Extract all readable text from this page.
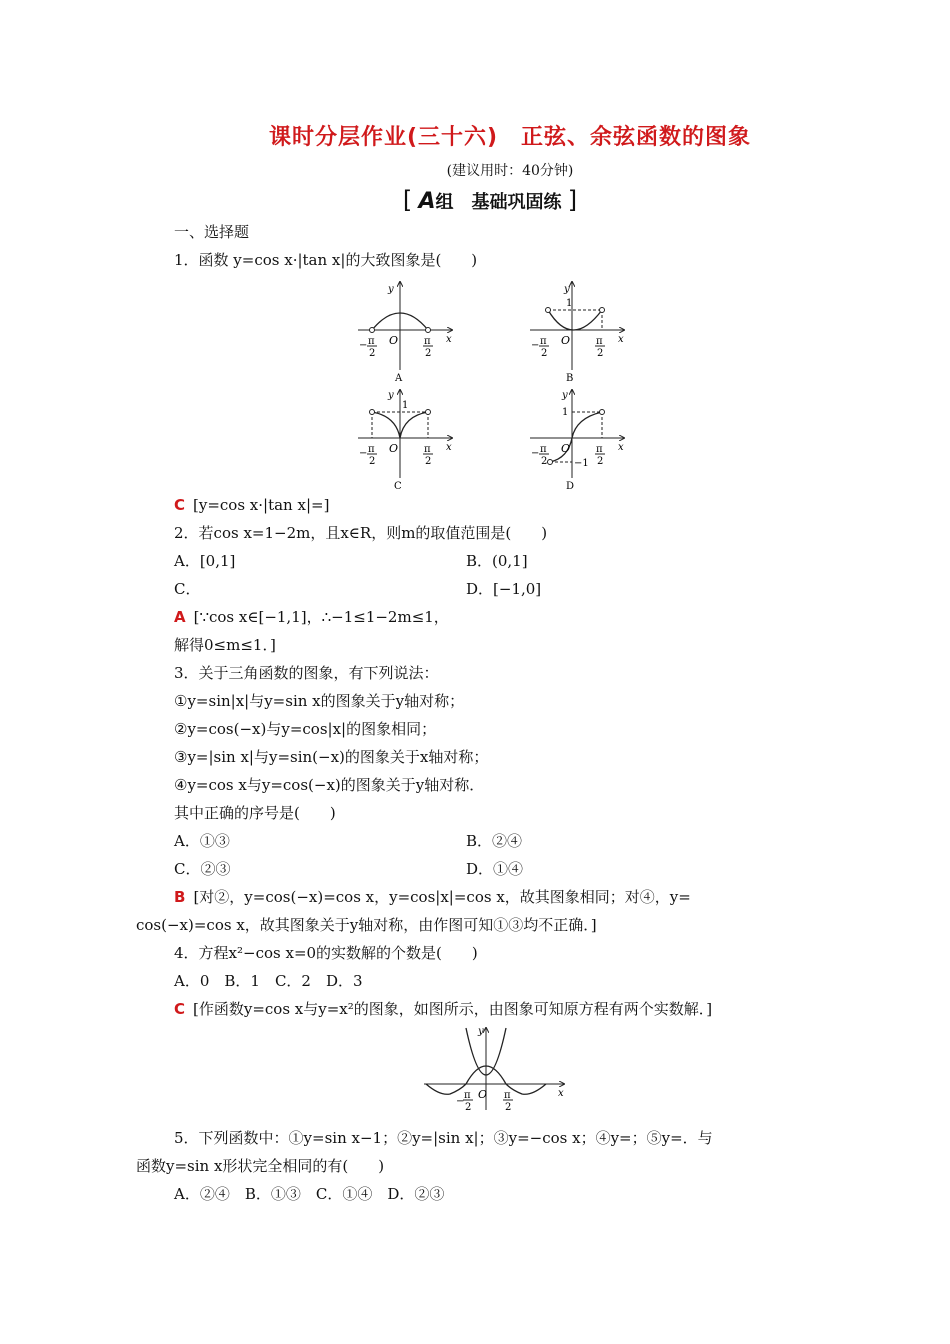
课时分层作业(三十六)　正弦、余弦函数的图象
(建议用时：40分钟)
[ A组　基础巩固练 ]
一、选择题
1．函数 y=cos x·|tan x|的大致图象是(　　)
y
x
O
− π
2
π
2
A
y
1
x
O
− π
2
π
2
B
y
1
x
O
− π
2
π
2
C
y
1
−1
x
O
− π
2
π
2
D
C [y=cos x·|tan x|=]
2．若cos x=1−2m，且x∈R，则m的取值范围是(　　)
A．[0,1]	B．(0,1]
C．	D．[−1,0]
A [∵cos x∈[−1,1]，∴−1≤1−2m≤1，
解得0≤m≤1．]
3．关于三角函数的图象，有下列说法：
①y=sin|x|与y=sin x的图象关于y轴对称；
②y=cos(−x)与y=cos|x|的图象相同；
③y=|sin x|与y=sin(−x)的图象关于x轴对称；
④y=cos x与y=cos(−x)的图象关于y轴对称．
其中正确的序号是(　　)
A．①③	B．②④
C．②③	D．①④
B [对②，y=cos(−x)=cos x，y=cos|x|=cos x，故其图象相同；对④，y=
cos(−x)=cos x，故其图象关于y轴对称，由作图可知①③均不正确．]
4．方程x²−cos x=0的实数解的个数是(　　)
A．0　B．1　C．2　D．3
C [作函数y=cos x与y=x²的图象，如图所示，由图象可知原方程有两个实数解．]
y
x
O
−
π
2
π
2
5．下列函数中：①y=sin x−1；②y=|sin x|；③y=−cos x；④y=；⑤y=．与
函数y=sin x形状完全相同的有(　　)
A．②④　B．①③　C．①④　D．②③
